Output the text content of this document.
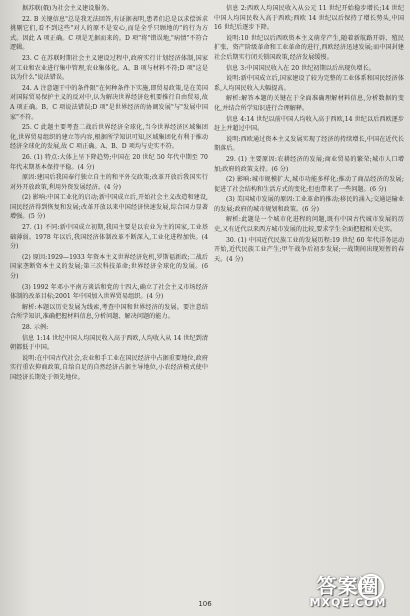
据苏联(俄)为社会主义建设服务。

22. B 关键信息"总是我无法回答,有证据表明,患者们总是以求偿诉求挑剔它们,看不到这些"对人的原不是安心,而是全乎只顾地的"的行为方式。因此 A 项正确。C 项是无据而来的。D 项"将"错误地,"病情"不符合逻辑。

23. C 在苏联时期社会主义建设过程中,政府实行计划经济体制,国家对工业和农业进行集中管理,农业集体化。A、B 项与材料不符;D 项"这是以为什么"说法错误。

24. A 注意题干中的条件限"在何种条件下实施,即贸易政策,是在美国对国际贸易保护主义的反对中,认为解决世界经济危机要推行自由贸易,故 A 项正确。B、C 项说法错误;D 项"是世界经济的协调发展"与"发展中国家"不符。

25. C 此题主要考查二战后世界经济全球化,当今世界经济区域集团化,世界贸易组织的建立等内容,根据所学知识可知,区域集团化有利于推动经济全球化的发展,故 C 项正确。A、B、D 项均与史实不符。

26. (1) 特点:大体上呈下降趋势;中国在 20 世纪 50 年代中期至 70 年代末期基本保持平稳。(4 分)

原因:建国后我国奉行独立自主的和平外交政策;改革开放后我国实行对外开放政策,利用外资发展经济。(4 分)

(2) 影响:中国工业化的启动;新中国成立后,开始社会主义改造和建设,国民经济得到恢复和发展;改革开放以来中国经济快速发展,综合国力显著增强。(5 分)

27. (1) 不同:新中国成立初期,我国主要是以农业为主的国家,工业基础薄弱。1978 年以后,我国经济体制改革不断深入,工业化进程加快。(4 分)

(2) 原因:1929—1933 年资本主义世界经济危机,罗斯福新政;二战后国家垄断资本主义的发展;第三次科技革命;世界经济全球化的发展。(6 分)

(3) 1992 年邓小平南方谈话和党的十四大,确立了社会主义市场经济体制的改革目标;2001 年中国加入世界贸易组织。(4 分)

解析:本题以历史发展为线索,考查中国和世界经济的发展。要注意结合所学知识,准确把握材料信息,分析问题、解决问题的能力。

28. 示例:

信息 1:14 世纪中国人均国民收入高于西欧,人均收入从 14 世纪到清朝都低于中国。

说明:在中国古代社会,农业和手工业在国民经济中占据重要地位,政府实行重农抑商政策,自给自足的自然经济占据主导地位,小农经济模式使中国经济长期处于领先地位。

信息 2:西欧人均国民收入从公元 11 世纪开始稳步增长;14 世纪中国人均国民收入高于西欧;西欧 14 世纪以后保持了增长势头,中国 16 世纪后逐步下降。

说明:10 世纪以后西欧资本主义萌芽产生,随着新航路开辟、殖民扩张、资产阶级革命和工业革命的进行,西欧经济迅速发展;而中国封建社会后期实行闭关锁国政策,经济发展缓慢。

信息 3:中国国民收入在 20 世纪初期以后出现负增长。

说明:新中国成立后,国家建设了较为完整的工业体系和国民经济体系,人均国民收入大幅提高。

解析:解答本题的关键在于全面准确理解材料信息,分析数据的变化,并结合所学知识进行合理解释。

信息 4:14 世纪以前中国人均收入高于西欧,14 世纪以后西欧逐步赶上并超过中国。

说明:西欧通过资本主义发展实现了经济的持续增长,中国在近代长期落后。

29. (1) 主要原因:农耕经济的发展;商业贸易的繁荣;城市人口增加;政府的政策支持。(6 分)

(2) 影响:城市规模扩大,城市功能多样化;推动了商品经济的发展;促进了社会结构和生活方式的变化;但也带来了一些问题。(6 分)

(3) 美国城市发展的原因:工业革命的推动;移民的涌入;交通运输业的发展;政府的城市规划和政策。(6 分)

解析:此题是一个城市化进程的问题,既有中国古代城市发展的历史,又有近代以来西方城市发展的比较,要求学生全面把握相关史实。

30. (1) 中国近代民族工业的发展历程:19 世纪 60 年代洋务运动开始,近代民族工业产生;甲午战争后初步发展;一战期间出现短暂的春天。(4 分)

106
答案圈
MXQE.COM
